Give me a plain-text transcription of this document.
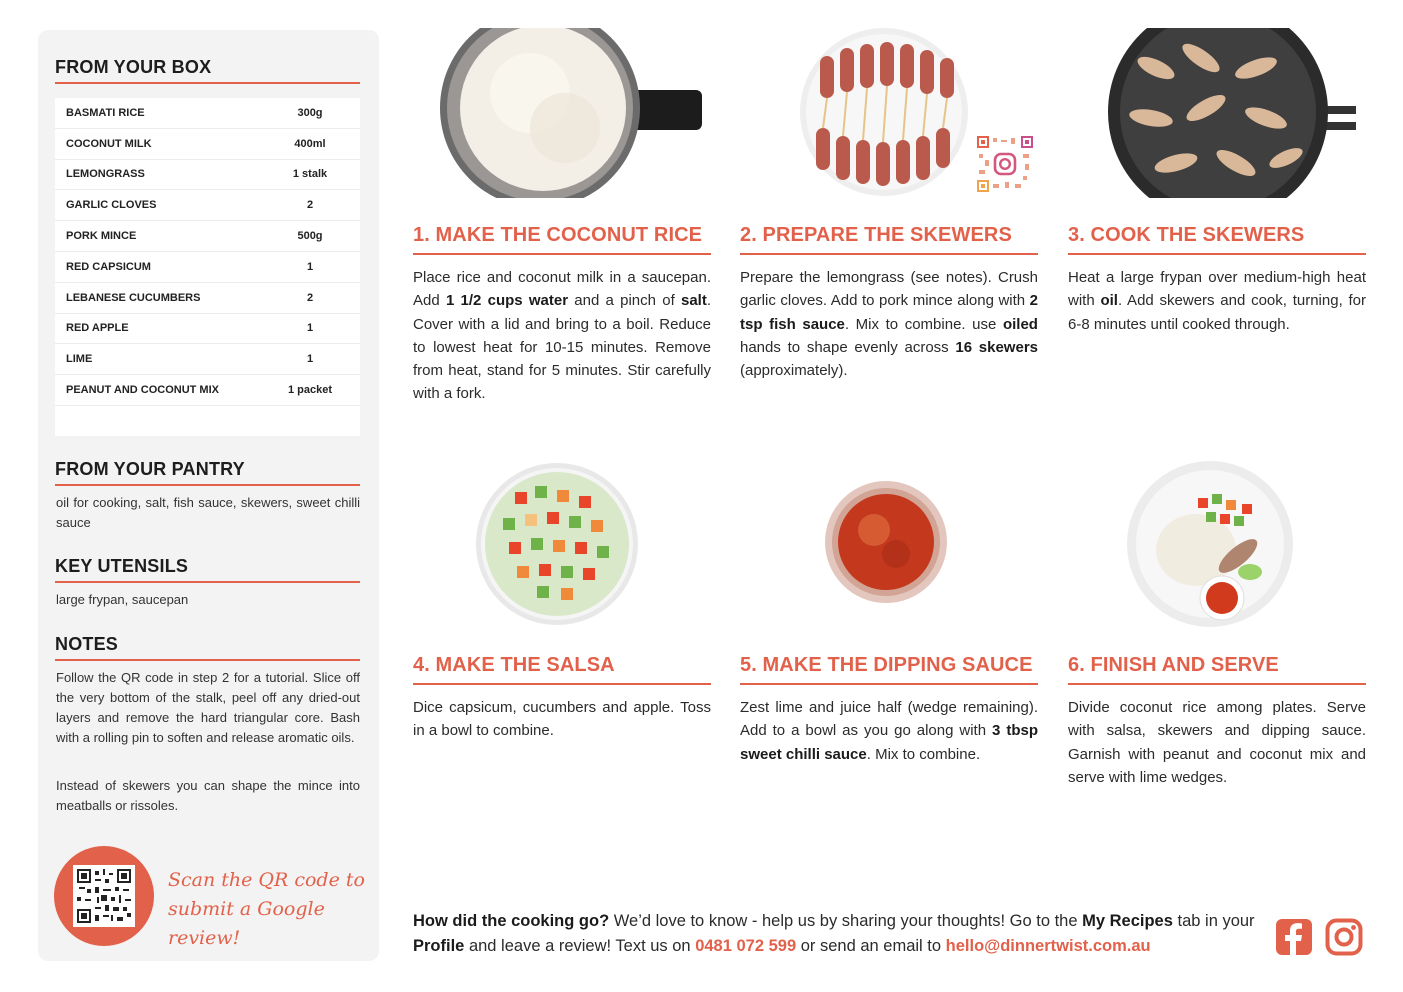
FROM YOUR BOX
BASMATI RICE	300g
COCONUT MILK	400ml
LEMONGRASS	1 stalk
GARLIC CLOVES	2
PORK MINCE	500g
RED CAPSICUM	1
LEBANESE CUCUMBERS	2
RED APPLE	1
LIME	1
PEANUT AND COCONUT MIX	1 packet
FROM YOUR PANTRY
oil for cooking, salt, fish sauce, skewers, sweet chilli sauce
KEY UTENSILS
large frypan, saucepan
NOTES
Follow the QR code in step 2 for a tutorial. Slice off the very bottom of the stalk, peel off any dried-out layers and remove the hard triangular core. Bash with a rolling pin to soften and release aromatic oils.
Instead of skewers you can shape the mince into meatballs or rissoles.
Scan the QR code to
submit a Google review!
1. MAKE THE COCONUT RICE
Place rice and coconut milk in a saucepan. Add 1 1/2 cups water and a pinch of salt. Cover with a lid and bring to a boil. Reduce to lowest heat for 10-15 minutes. Remove from heat, stand for 5 minutes. Stir carefully with a fork.
2. PREPARE THE SKEWERS
Prepare the lemongrass (see notes). Crush garlic cloves. Add to pork mince along with 2 tsp fish sauce. Mix to combine. use oiled hands to shape evenly across 16 skewers (approximately).
3. COOK THE SKEWERS
Heat a large frypan over medium-high heat with oil. Add skewers and cook, turning, for 6-8 minutes until cooked through.
4. MAKE THE SALSA
Dice capsicum, cucumbers and apple. Toss in a bowl to combine.
5. MAKE THE DIPPING SAUCE
Zest lime and juice half (wedge remaining). Add to a bowl as you go along with 3 tbsp sweet chilli sauce. Mix to combine.
6. FINISH AND SERVE
Divide coconut rice among plates. Serve with salsa, skewers and dipping sauce. Garnish with peanut and coconut mix and serve with lime wedges.
How did the cooking go? We’d love to know - help us by sharing your thoughts! Go to the My Recipes tab in your Profile and leave a review! Text us on 0481 072 599 or send an email to hello@dinnertwist.com.au
